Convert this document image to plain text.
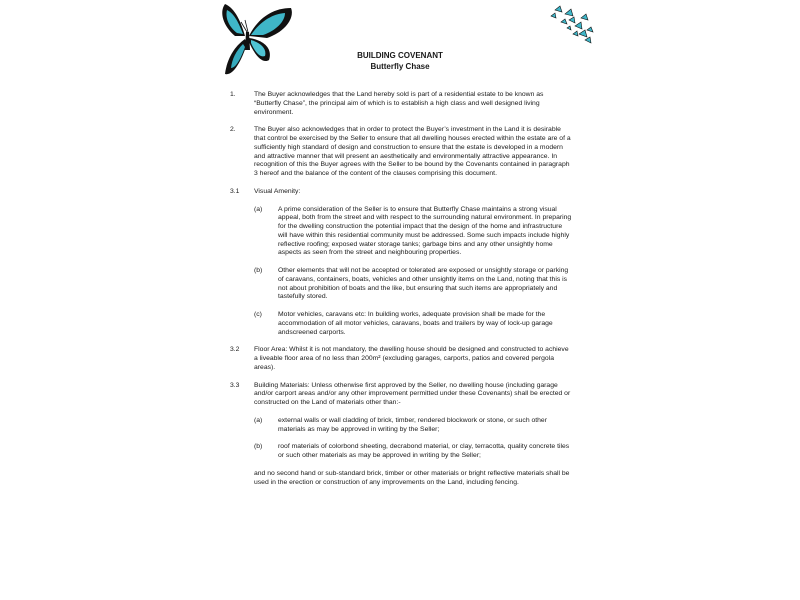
BUILDING COVENANT
Butterfly Chase
1.	The Buyer acknowledges that the Land hereby sold is part of a residential estate to be known as “Butterfly Chase”, the principal aim of which is to establish a high class and well designed living environment.

2.	The Buyer also acknowledges that in order to protect the Buyer’s investment in the Land it is desirable that control be exercised by the Seller to ensure that all dwelling houses erected within the estate are of a sufficiently high standard of design and construction to ensure that the estate is developed in a modern and attractive manner that will present an aesthetically and environmentally attractive appearance. In recognition of this the Buyer agrees with the Seller to be bound by the Covenants contained in paragraph 3 hereof and the balance of the content of the clauses comprising this document.

3.1 Visual Amenity:

(a) A prime consideration of the Seller is to ensure that Butterfly Chase maintains a strong visual appeal, both from the street and with respect to the surrounding natural environment. In preparing for the dwelling construction the potential impact that the design of the home and infrastructure will have within this residential community must be addressed. Some such impacts include highly reflective roofing; exposed water storage tanks; garbage bins and any other unsightly home aspects as seen from the street and neighbouring properties.

(b) Other elements that will not be accepted or tolerated are exposed or unsightly storage or parking of caravans, containers, boats, vehicles and other unsightly items on the Land, noting that this is not about prohibition of boats and the like, but ensuring that such items are appropriately and tastefully stored.

(c) Motor vehicles, caravans etc: In building works, adequate provision shall be made for the accommodation of all motor vehicles, caravans, boats and trailers by way of lock-up garage andscreened carports.

3.2 Floor Area: Whilst it is not mandatory, the dwelling house should be designed and constructed to achieve a liveable floor area of no less than 200m² (excluding garages, carports, patios and covered pergola areas).

3.3 Building Materials: Unless otherwise first approved by the Seller, no dwelling house (including garage and/or carport areas and/or any other improvement permitted under these Covenants) shall be erected or constructed on the Land of materials other than:-

(a) external walls or wall cladding of brick, timber, rendered blockwork or stone, or such other materials as may be approved in writing by the Seller;

(b) roof materials of colorbond sheeting, decrabond material, or clay, terracotta, quality concrete tiles or such other materials as may be approved in writing by the Seller;

and no second hand or sub-standard brick, timber or other materials or bright reflective materials shall be used in the erection or construction of any improvements on the Land, including fencing.
